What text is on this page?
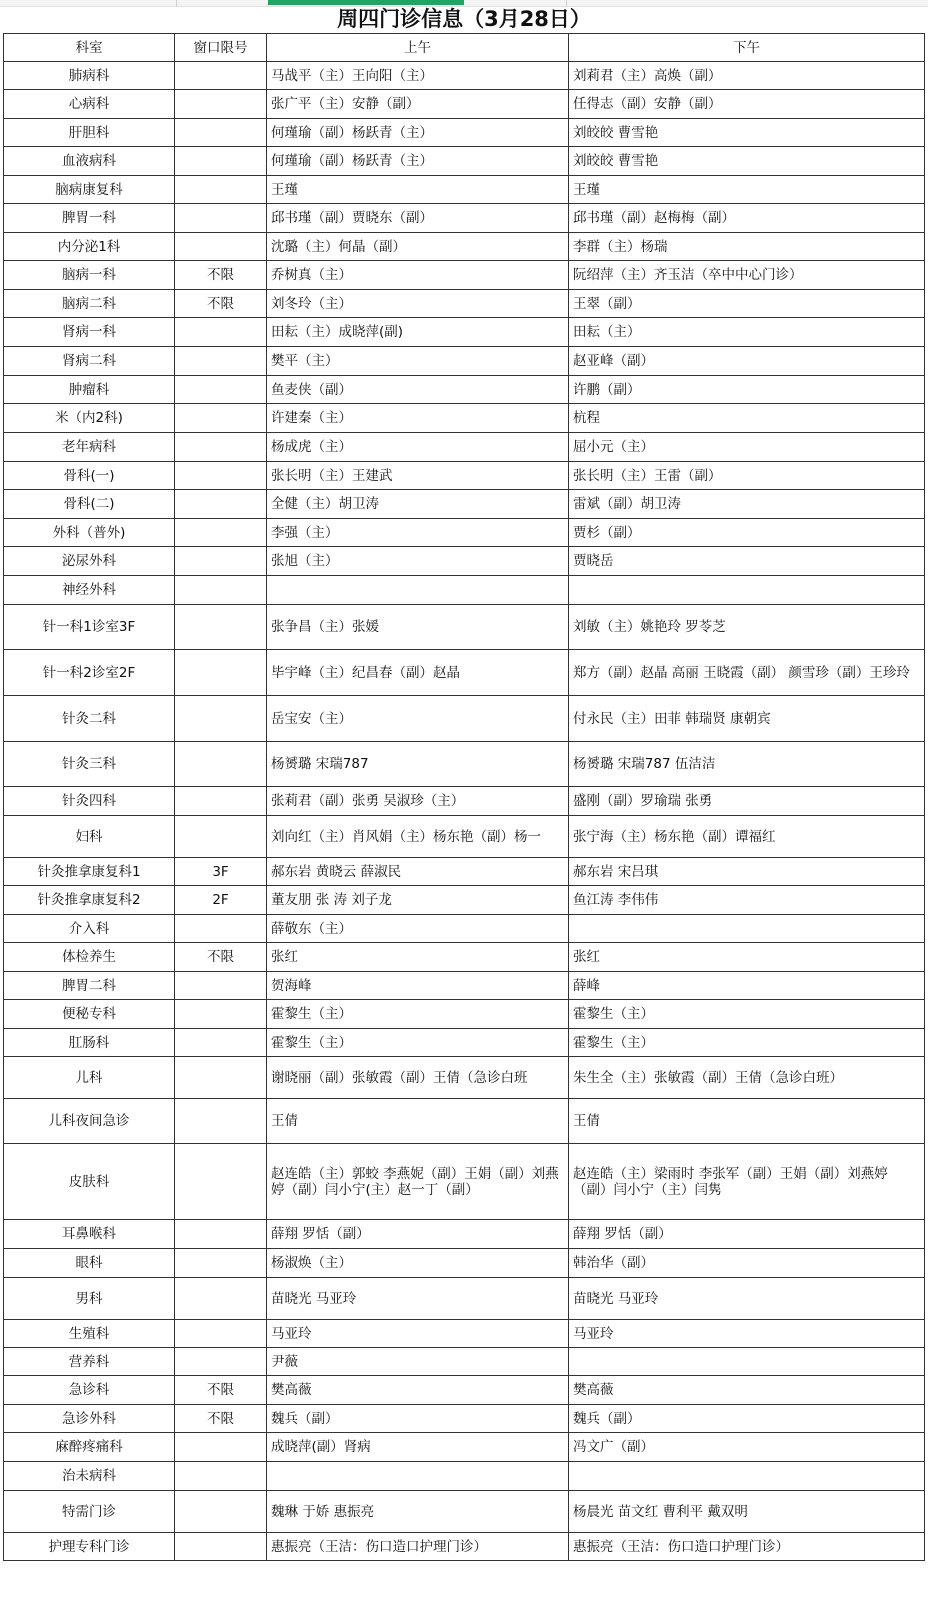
周四门诊信息（3月28日）
科室	窗口限号	上午	下午
肺病科		马战平（主）王向阳（主）	刘莉君（主）高焕（副）
心病科		张广平（主）安静（副）	任得志（副）安静（副）
肝胆科		何瑾瑜（副）杨跃青（主）	刘皎皎 曹雪艳
血液病科		何瑾瑜（副）杨跃青（主）	刘皎皎 曹雪艳
脑病康复科		王瑾	王瑾
脾胃一科		邱书瑾（副）贾晓东（副）	邱书瑾（副）赵梅梅（副）
内分泌1科		沈璐（主）何晶（副）	李群（主）杨瑞
脑病一科	不限	乔树真（主）	阮绍萍（主）齐玉洁（卒中中心门诊）
脑病二科	不限	刘冬玲（主）	王翠（副）
肾病一科		田耘（主）成晓萍(副)	田耘（主）
肾病二科		樊平（主）	赵亚峰（副）
肿瘤科		鱼麦侠（副）	许鹏（副）
米（内2科)		许建秦（主）	杭程
老年病科		杨成虎（主）	屈小元（主）
骨科(一)		张长明（主）王建武	张长明（主）王雷（副）
骨科(二)		全健（主）胡卫涛	雷斌（副）胡卫涛
外科（普外)		李强（主）	贾杉（副）
泌尿外科		张旭（主）	贾晓岳
神经外科			
针一科1诊室3F		张争昌（主）张媛	刘敏（主）姚艳玲 罗苓芝
针一科2诊室2F		毕宇峰（主）纪昌春（副）赵晶	郑方（副）赵晶 高丽 王晓霞（副） 颜雪珍（副）王珍玲
针灸二科		岳宝安（主）	付永民（主）田菲 韩瑞贤 康朝宾
针灸三科		杨赟璐 宋瑞787	杨赟璐 宋瑞787 伍洁洁
针灸四科		张莉君（副）张勇 吴淑珍（主）	盛刚（副）罗瑜瑞 张勇
妇科		刘向红（主）肖风娟（主）杨东艳（副）杨一	张宁海（主）杨东艳（副）谭福红
针灸推拿康复科1	3F	郝东岩 黄晓云 薛淑民	郝东岩 宋吕琪
针灸推拿康复科2	2F	董友朋 张 涛 刘子龙	鱼江涛 李伟伟
介入科		薛敬东（主）	
体检养生	不限	张红	张红
脾胃二科		贺海峰	薛峰
便秘专科		霍黎生（主）	霍黎生（主）
肛肠科		霍黎生（主）	霍黎生（主）
儿科		谢晓丽（副）张敏霞（副）王倩（急诊白班	朱生全（主）张敏霞（副）王倩（急诊白班）
儿科夜间急诊		王倩	王倩
皮肤科		赵连皓（主）郭蛟 李燕妮（副）王娟（副）刘燕婷（副）闫小宁(主）赵一丁（副）	赵连皓（主）梁雨时 李张军（副）王娟（副）刘燕婷（副）闫小宁（主）闫隽
耳鼻喉科		薛翔 罗恬（副）	薛翔 罗恬（副）
眼科		杨淑焕（主）	韩治华（副）
男科		苗晓光 马亚玲	苗晓光 马亚玲
生殖科		马亚玲	马亚玲
营养科		尹薇	
急诊科	不限	樊高薇	樊高薇
急诊外科	不限	魏兵（副）	魏兵（副）
麻醉疼痛科		成晓萍(副）肾病	冯文广（副）
治未病科			
特需门诊		魏琳 于娇 惠振亮	杨晨光 苗文红 曹利平 戴双明
护理专科门诊		惠振亮（王洁：伤口造口护理门诊）	惠振亮（王洁：伤口造口护理门诊）
